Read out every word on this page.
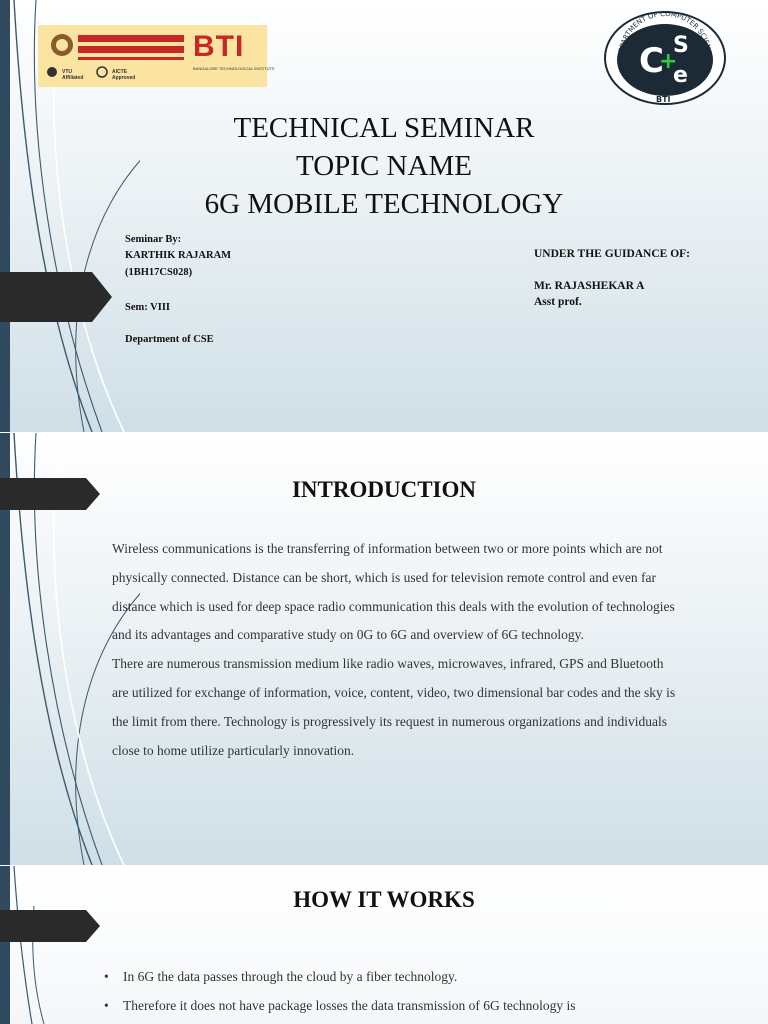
BTI
BANGALORE TECHNOLOGICAL INSTITUTE
VTU Affiliated
AICTE Approved
DEPARTMENT OF COMPUTER SCIENCE
C
+
S
e
BTI
TECHNICAL SEMINAR
TOPIC NAME
6G MOBILE TECHNOLOGY
Seminar By:
KARTHIK RAJARAM
(1BH17CS028)
Sem: VIII
Department of CSE
UNDER THE GUIDANCE OF:
Mr. RAJASHEKAR A
Asst prof.
INTRODUCTION

Wireless communications is the transferring of information between two or more points which are not physically connected. Distance can be short, which is used for television remote control and even far distance which is used for deep space radio communication this deals with the evolution of technologies and its advantages and comparative study on 0G to 6G and overview of 6G technology.

There are numerous transmission medium like radio waves, microwaves, infrared, GPS and Bluetooth are utilized for exchange of information, voice, content, video, two dimensional bar codes and the sky is the limit from there. Technology is progressively its request in numerous organizations and individuals close to home utilize particularly innovation.

HOW IT WORKS
• In 6G the data passes through the cloud by a fiber technology.
• Therefore it does not have package losses the data transmission of 6G technology is
